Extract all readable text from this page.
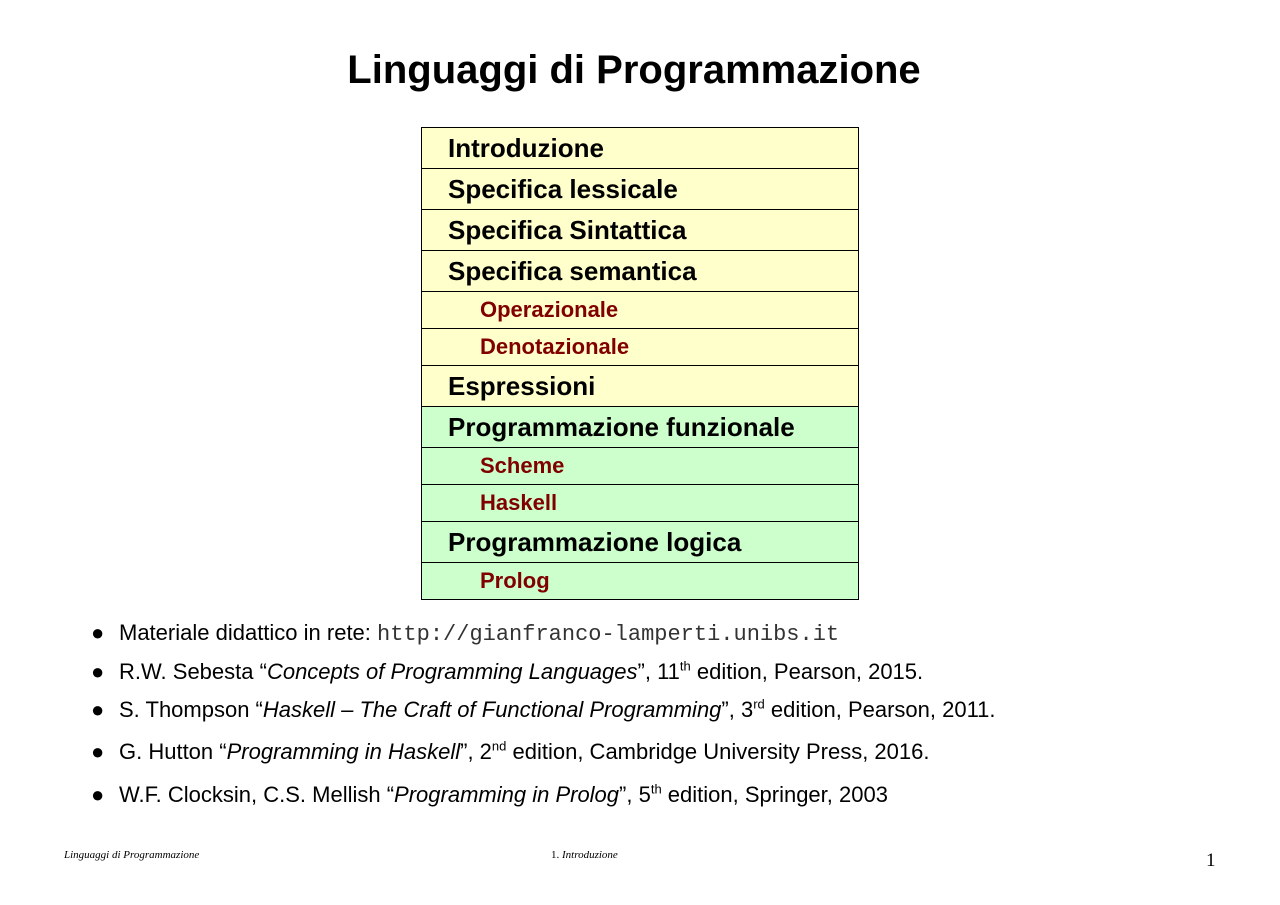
Linguaggi di Programmazione
Introduzione
Specifica lessicale
Specifica Sintattica
Specifica semantica
Operazionale
Denotazionale
Espressioni
Programmazione funzionale
Scheme
Haskell
Programmazione logica
Prolog
● Materiale didattico in rete: http://gianfranco-lamperti.unibs.it
● R.W. Sebesta “Concepts of Programming Languages”, 11th edition, Pearson, 2015.
● S. Thompson “Haskell – The Craft of Functional Programming”, 3rd edition, Pearson, 2011.
● G. Hutton “Programming in Haskell”, 2nd edition, Cambridge University Press, 2016.
● W.F. Clocksin, C.S. Mellish “Programming in Prolog”, 5th edition, Springer, 2003
Linguaggi di Programmazione	1. Introduzione	1
